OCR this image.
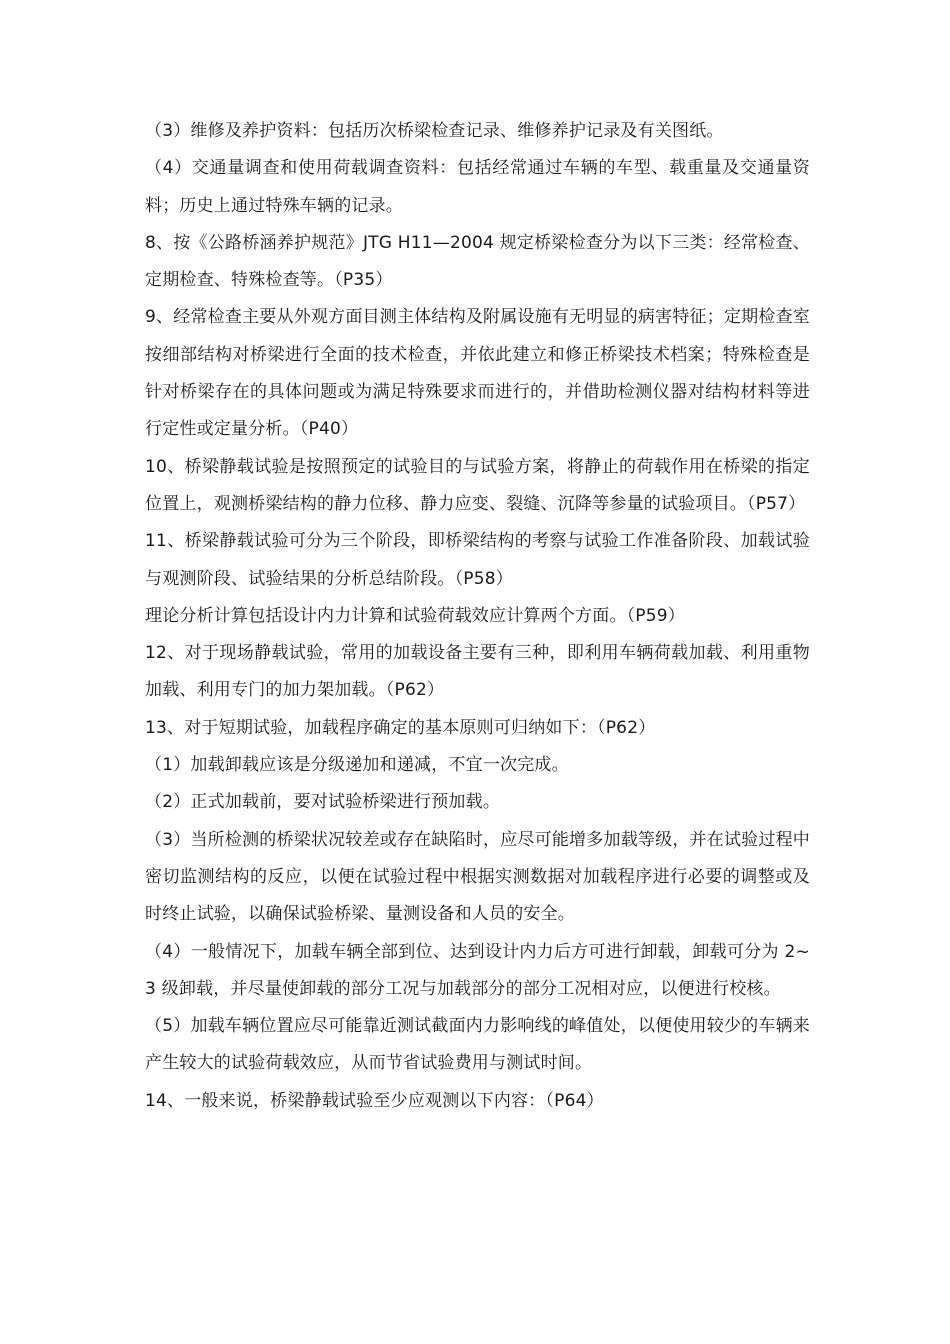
（3）维修及养护资料：包括历次桥梁检查记录、维修养护记录及有关图纸。

（4）交通量调查和使用荷载调查资料：包括经常通过车辆的车型、载重量及交通量资料；历史上通过特殊车辆的记录。

8、按《公路桥涵养护规范》JTG H11—2004 规定桥梁检查分为以下三类：经常检查、定期检查、特殊检查等。（P35）

9、经常检查主要从外观方面目测主体结构及附属设施有无明显的病害特征；定期检查室按细部结构对桥梁进行全面的技术检查，并依此建立和修正桥梁技术档案；特殊检查是针对桥梁存在的具体问题或为满足特殊要求而进行的，并借助检测仪器对结构材料等进行定性或定量分析。（P40）

10、桥梁静载试验是按照预定的试验目的与试验方案，将静止的荷载作用在桥梁的指定位置上，观测桥梁结构的静力位移、静力应变、裂缝、沉降等参量的试验项目。（P57）

11、桥梁静载试验可分为三个阶段，即桥梁结构的考察与试验工作准备阶段、加载试验与观测阶段、试验结果的分析总结阶段。（P58）

理论分析计算包括设计内力计算和试验荷载效应计算两个方面。（P59）

12、对于现场静载试验，常用的加载设备主要有三种，即利用车辆荷载加载、利用重物加载、利用专门的加力架加载。（P62）

13、对于短期试验，加载程序确定的基本原则可归纳如下：（P62）

（1）加载卸载应该是分级递加和递减，不宜一次完成。

（2）正式加载前，要对试验桥梁进行预加载。

（3）当所检测的桥梁状况较差或存在缺陷时，应尽可能增多加载等级，并在试验过程中密切监测结构的反应，以便在试验过程中根据实测数据对加载程序进行必要的调整或及时终止试验，以确保试验桥梁、量测设备和人员的安全。

（4）一般情况下，加载车辆全部到位、达到设计内力后方可进行卸载，卸载可分为 2~3 级卸载，并尽量使卸载的部分工况与加载部分的部分工况相对应，以便进行校核。

（5）加载车辆位置应尽可能靠近测试截面内力影响线的峰值处，以便使用较少的车辆来产生较大的试验荷载效应，从而节省试验费用与测试时间。

14、一般来说，桥梁静载试验至少应观测以下内容：（P64）
